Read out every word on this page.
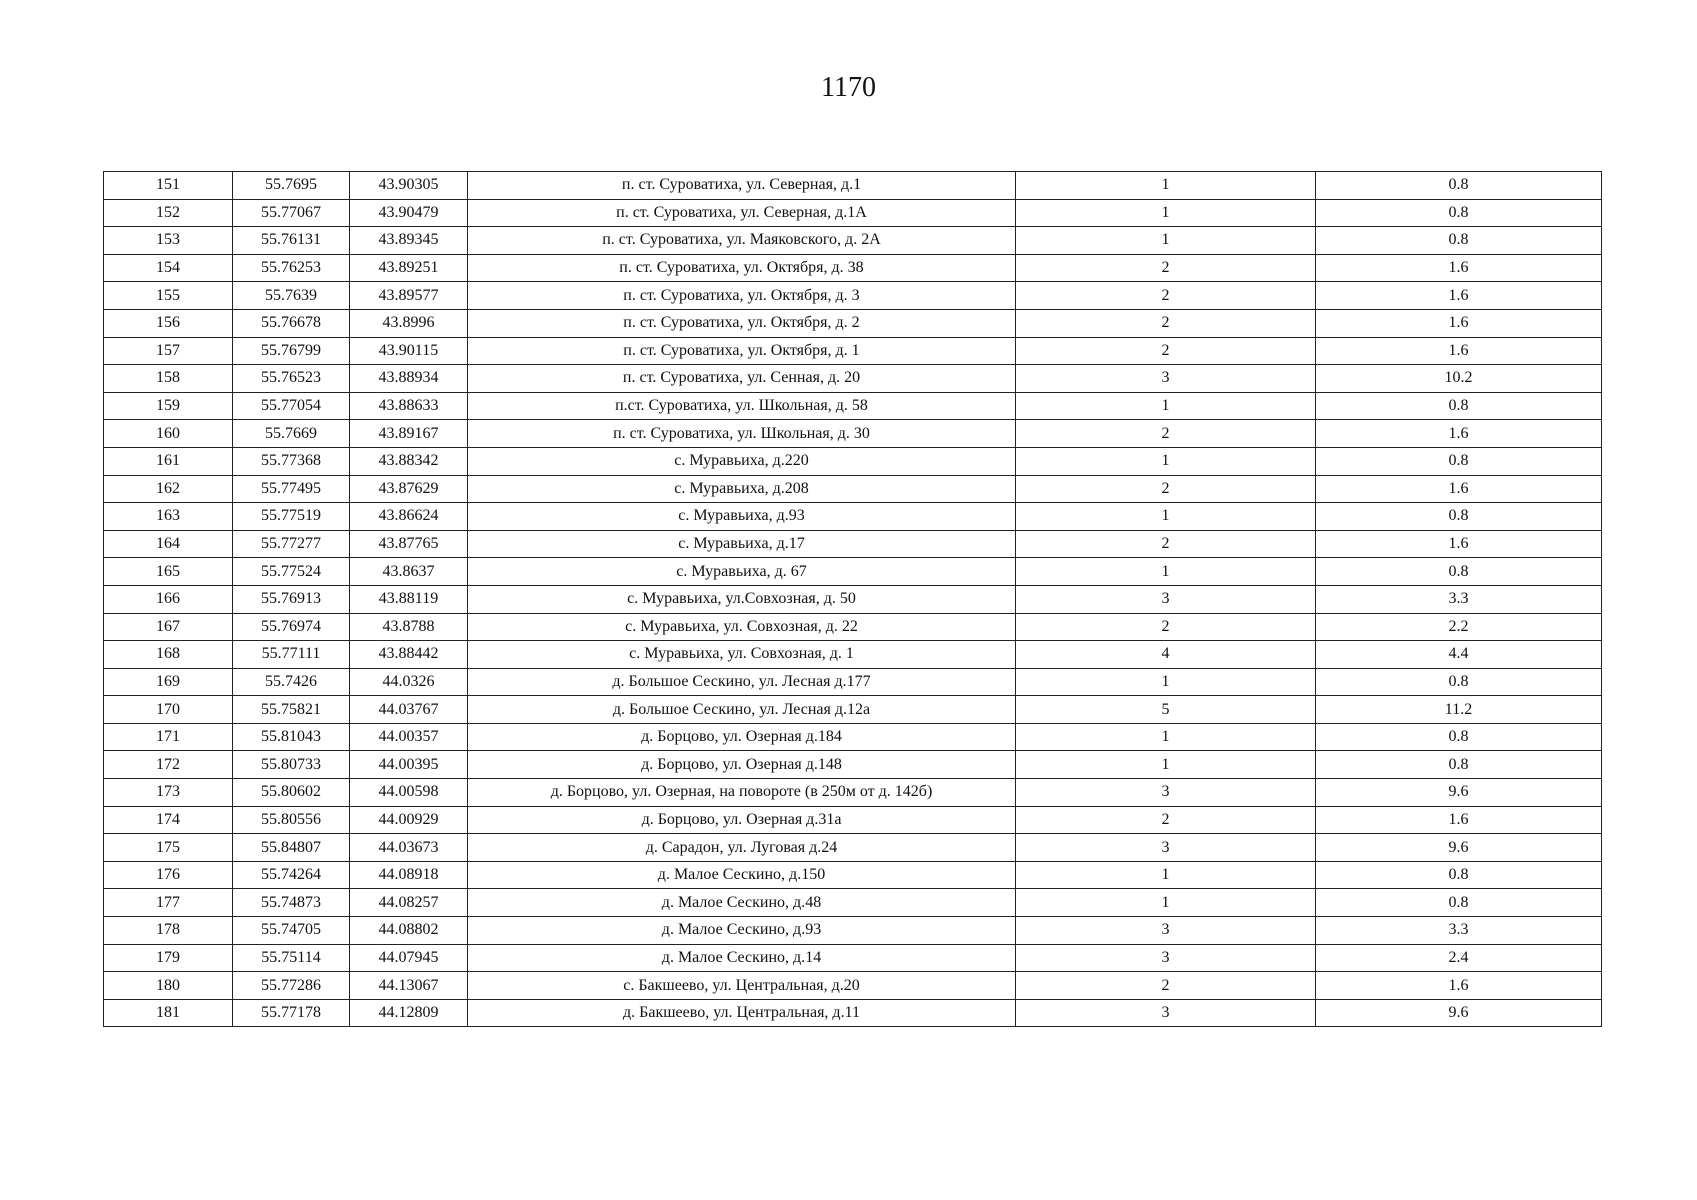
1170
151	55.7695	43.90305	п. ст. Суроватиха, ул. Северная, д.1	1	0.8
152	55.77067	43.90479	п. ст. Суроватиха, ул. Северная, д.1А	1	0.8
153	55.76131	43.89345	п. ст. Суроватиха, ул. Маяковского, д. 2А	1	0.8
154	55.76253	43.89251	п. ст. Суроватиха, ул. Октября, д. 38	2	1.6
155	55.7639	43.89577	п. ст. Суроватиха, ул. Октября, д. 3	2	1.6
156	55.76678	43.8996	п. ст. Суроватиха, ул. Октября, д. 2	2	1.6
157	55.76799	43.90115	п. ст. Суроватиха, ул. Октября, д. 1	2	1.6
158	55.76523	43.88934	п. ст. Суроватиха, ул. Сенная, д. 20	3	10.2
159	55.77054	43.88633	п.ст. Суроватиха, ул. Школьная, д. 58	1	0.8
160	55.7669	43.89167	п. ст. Суроватиха, ул. Школьная, д. 30	2	1.6
161	55.77368	43.88342	с. Муравьиха, д.220	1	0.8
162	55.77495	43.87629	с. Муравьиха, д.208	2	1.6
163	55.77519	43.86624	с. Муравьиха, д.93	1	0.8
164	55.77277	43.87765	с. Муравьиха, д.17	2	1.6
165	55.77524	43.8637	с. Муравьиха, д. 67	1	0.8
166	55.76913	43.88119	с. Муравьиха, ул.Совхозная, д. 50	3	3.3
167	55.76974	43.8788	с. Муравьиха, ул. Совхозная, д. 22	2	2.2
168	55.77111	43.88442	с. Муравьиха, ул. Совхозная, д. 1	4	4.4
169	55.7426	44.0326	д. Большое Сескино, ул. Лесная д.177	1	0.8
170	55.75821	44.03767	д. Большое Сескино, ул. Лесная д.12а	5	11.2
171	55.81043	44.00357	д. Борцово, ул. Озерная д.184	1	0.8
172	55.80733	44.00395	д. Борцово, ул. Озерная д.148	1	0.8
173	55.80602	44.00598	д. Борцово, ул. Озерная, на повороте (в 250м от д. 142б)	3	9.6
174	55.80556	44.00929	д. Борцово, ул. Озерная д.31а	2	1.6
175	55.84807	44.03673	д. Сарадон, ул. Луговая д.24	3	9.6
176	55.74264	44.08918	д. Малое Сескино, д.150	1	0.8
177	55.74873	44.08257	д. Малое Сескино, д.48	1	0.8
178	55.74705	44.08802	д. Малое Сескино, д.93	3	3.3
179	55.75114	44.07945	д. Малое Сескино, д.14	3	2.4
180	55.77286	44.13067	с. Бакшеево, ул. Центральная, д.20	2	1.6
181	55.77178	44.12809	д. Бакшеево, ул. Центральная, д.11	3	9.6
